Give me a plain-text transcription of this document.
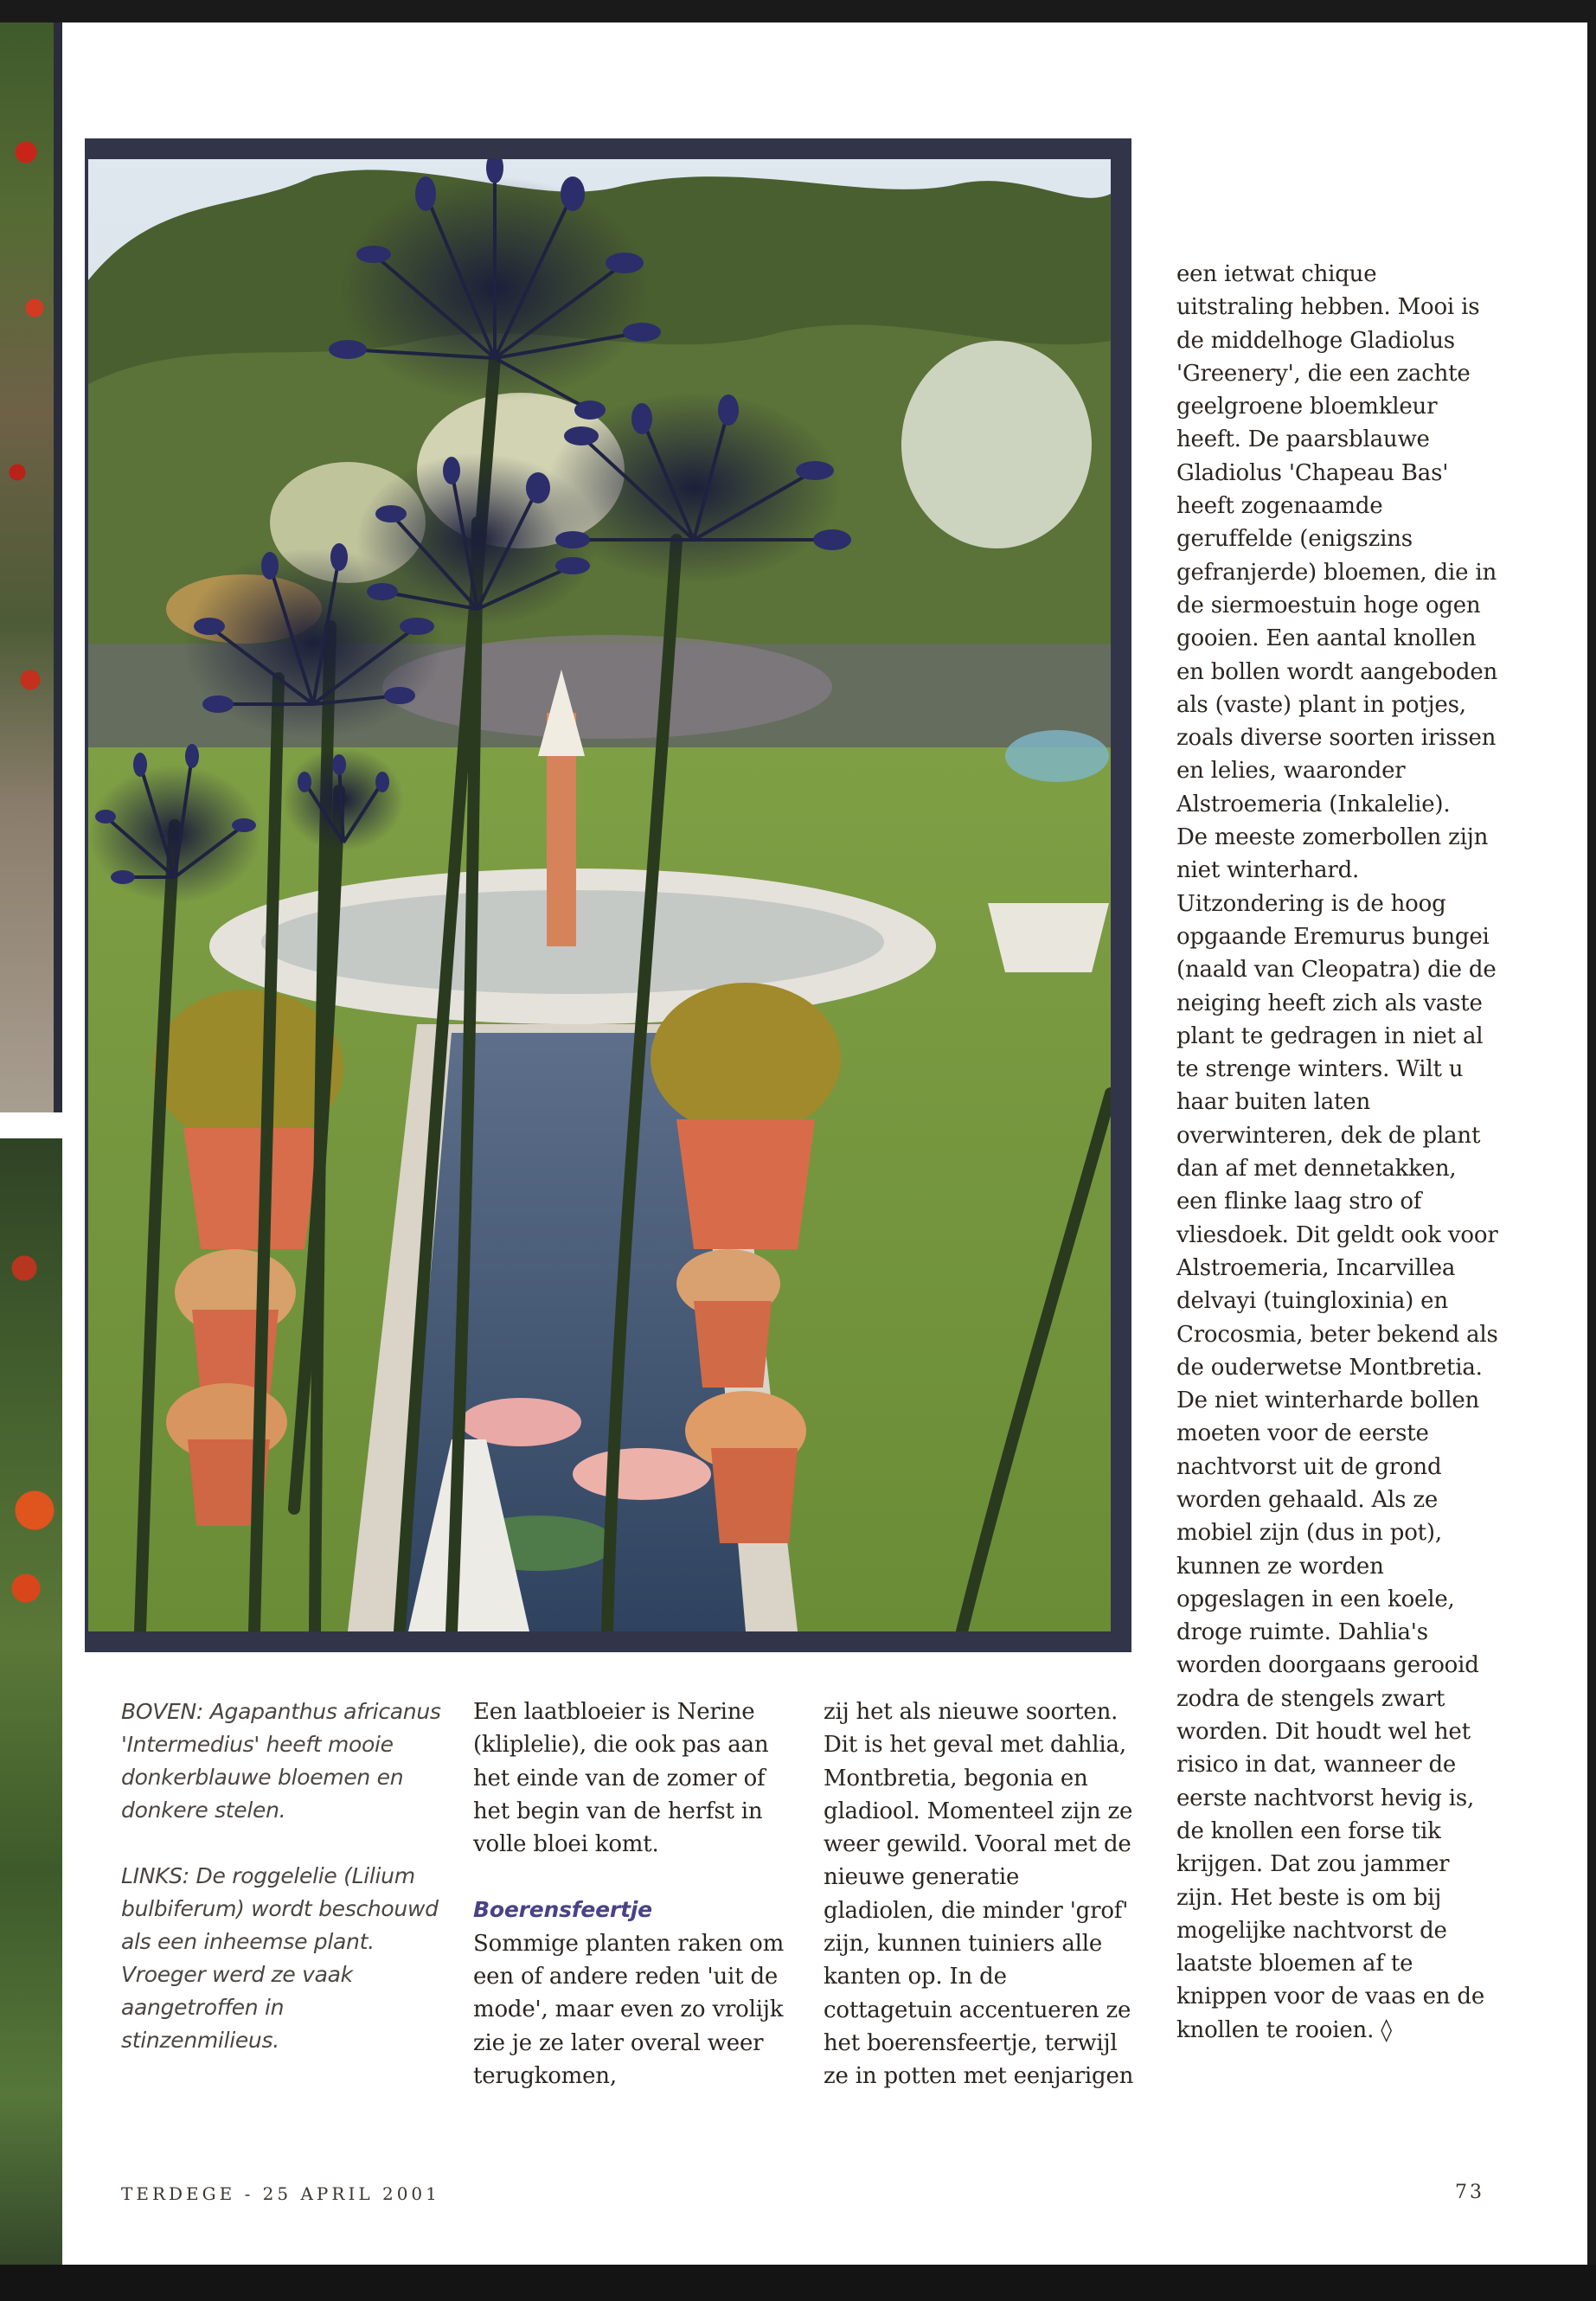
BOVEN: Agapanthus africanus 'Intermedius' heeft mooie donkerblauwe bloemen en donkere stelen.

LINKS: De roggelelie (Lilium bulbiferum) wordt beschouwd als een inheemse plant. Vroeger werd ze vaak aangetroffen in stinzenmilieus.

Een laatbloeier is Nerine (kliplelie), die ook pas aan het einde van de zomer of het begin van de herfst in volle bloei komt.

Boerensfeertje

Sommige planten raken om een of andere reden 'uit de mode', maar even zo vrolijk zie je ze later overal weer terugkomen,

zij het als nieuwe soorten. Dit is het geval met dahlia, Montbretia, begonia en gladiool. Momenteel zijn ze weer gewild. Vooral met de nieuwe generatie gladiolen, die minder 'grof' zijn, kunnen tuiniers alle kanten op. In de cottagetuin accentueren ze het boerensfeertje, terwijl ze in potten met eenjarigen

een ietwat chique uitstraling hebben. Mooi is de middelhoge Gladiolus 'Greenery', die een zachte geelgroene bloemkleur heeft. De paarsblauwe Gladiolus 'Chapeau Bas' heeft zogenaamde geruffelde (enigszins gefranjerde) bloemen, die in de siermoestuin hoge ogen gooien. Een aantal knollen en bollen wordt aangeboden als (vaste) plant in potjes, zoals diverse soorten irissen en lelies, waaronder Alstroemeria (Inkalelie).

De meeste zomerbollen zijn niet winterhard. Uitzondering is de hoog opgaande Eremurus bungei (naald van Cleopatra) die de neiging heeft zich als vaste plant te gedragen in niet al te strenge winters. Wilt u haar buiten laten overwinteren, dek de plant dan af met dennetakken, een flinke laag stro of vliesdoek. Dit geldt ook voor Alstroemeria, Incarvillea delvayi (tuingloxinia) en Crocosmia, beter bekend als de ouderwetse Montbretia. De niet winterharde bollen moeten voor de eerste nachtvorst uit de grond worden gehaald. Als ze mobiel zijn (dus in pot), kunnen ze worden opgeslagen in een koele, droge ruimte. Dahlia's worden doorgaans gerooid zodra de stengels zwart worden. Dit houdt wel het risico in dat, wanneer de eerste nachtvorst hevig is, de knollen een forse tik krijgen. Dat zou jammer zijn. Het beste is om bij mogelijke nachtvorst de laatste bloemen af te knippen voor de vaas en de knollen te rooien. ◊

TERDEGE - 25 APRIL 2001	73
